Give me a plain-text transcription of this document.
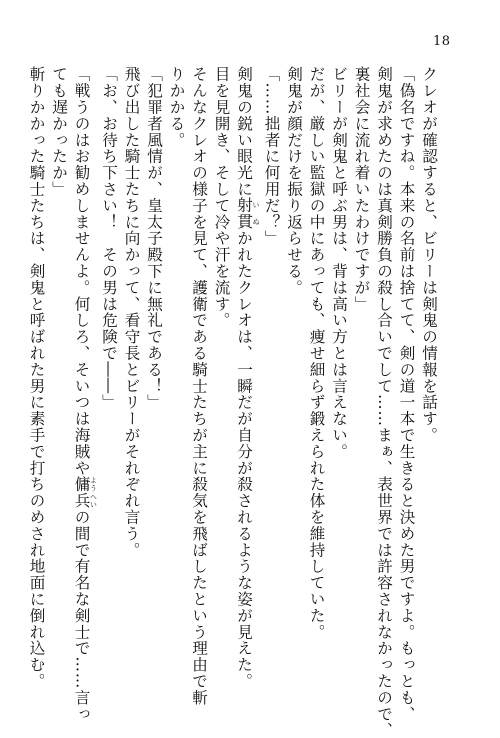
18
クレオが確認すると、ビリーは剣鬼の情報を話す。
「偽名ですね。本来の名前は捨てて、剣の道一本で生きると決めた男ですよ。もっとも、
剣鬼が求めたのは真剣勝負の殺し合いでして……まぁ、表世界では許容されなかったので、
裏社会に流れ着いたわけですが」
ビリーが剣鬼と呼ぶ男は、背は高い方とは言えない。
だが、厳しい監獄の中にあっても、痩せ細らず鍛えられた体を維持していた。
剣鬼が顔だけを振り返らせる。
「……拙者に何用だ？」
剣鬼の鋭い眼光に射貫 いぬかれたクレオは、一瞬だが自分が殺されるような姿が見えた。
目を見開き、そして冷や汗を流す。
そんなクレオの様子を見て、護衛である騎士たちが主に殺気を飛ばしたという理由で斬
りかかる。
「犯罪者風情が、皇太子殿下に無礼である！」
飛び出した騎士たちに向かって、看守長とビリーがそれぞれ言う。
「お、お待ち下さい！　その男は危険で――」
「戦うのはお勧めしませんよ。何しろ、そいつは海賊や傭兵 ようへいの間で有名な剣士で……言っ
ても遅かったか」
斬りかかった騎士たちは、剣鬼と呼ばれた男に素手で打ちのめされ地面に倒れ込む。
